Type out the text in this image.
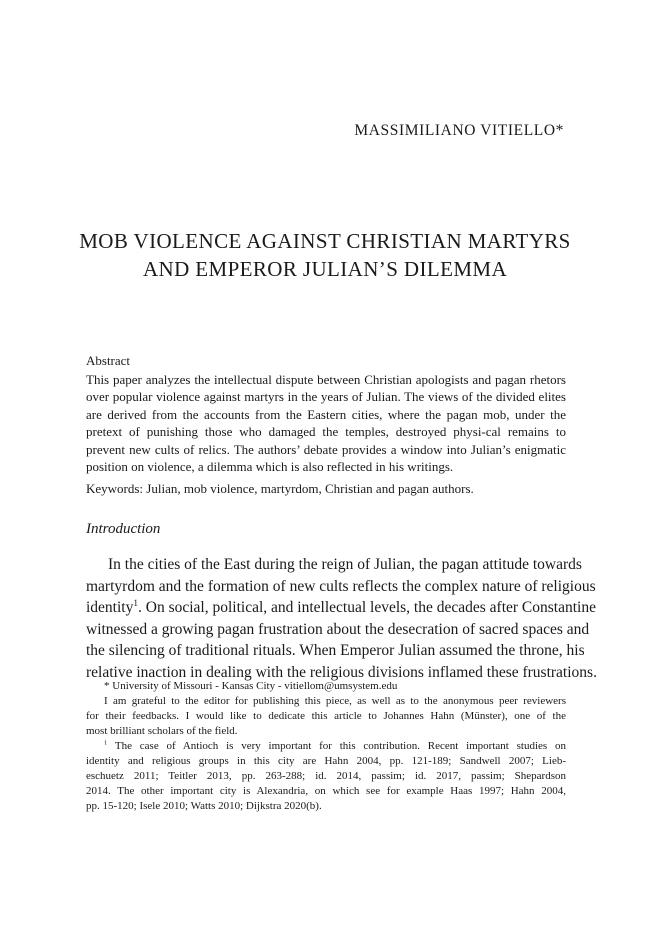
MASSIMILIANO VITIELLO*
MOB VIOLENCE AGAINST CHRISTIAN MARTYRS
AND EMPEROR JULIAN’S DILEMMA

Abstract

This paper analyzes the intellectual dispute between Christian apologists and pagan rhetors over popular violence against martyrs in the years of Julian. The views of the divided elites are derived from the accounts from the Eastern cities, where the pagan mob, under the pretext of punishing those who damaged the temples, destroyed physi-cal remains to prevent new cults of relics. The authors’ debate provides a window into Julian’s enigmatic position on violence, a dilemma which is also reflected in his writings.

Keywords: Julian, mob violence, martyrdom, Christian and pagan authors.

Introduction
In the cities of the East during the reign of Julian, the pagan attitude towards
martyrdom and the formation of new cults reflects the complex nature of religious
identity$^1$. On social, political, and intellectual levels, the decades after Constantine
witnessed a growing pagan frustration about the desecration of sacred spaces and
the silencing of traditional rituals. When Emperor Julian assumed the throne, his
relative inaction in dealing with the religious divisions inflamed these frustrations.
* University of Missouri - Kansas City - vitiellom@umsystem.edu
I am grateful to the editor for publishing this piece, as well as to the anonymous peer reviewers
for their feedbacks. I would like to dedicate this article to Johannes Hahn (Münster), one of the
most brilliant scholars of the field.
$^1$ The case of Antioch is very important for this contribution. Recent important studies on
identity and religious groups in this city are Hahn 2004, pp. 121-189; Sandwell 2007; Lieb-
eschuetz 2011; Teitler 2013, pp. 263-288; id. 2014, passim; id. 2017, passim; Shepardson
2014. The other important city is Alexandria, on which see for example Haas 1997; Hahn 2004,
pp. 15-120; Isele 2010; Watts 2010; Dijkstra 2020(b).
